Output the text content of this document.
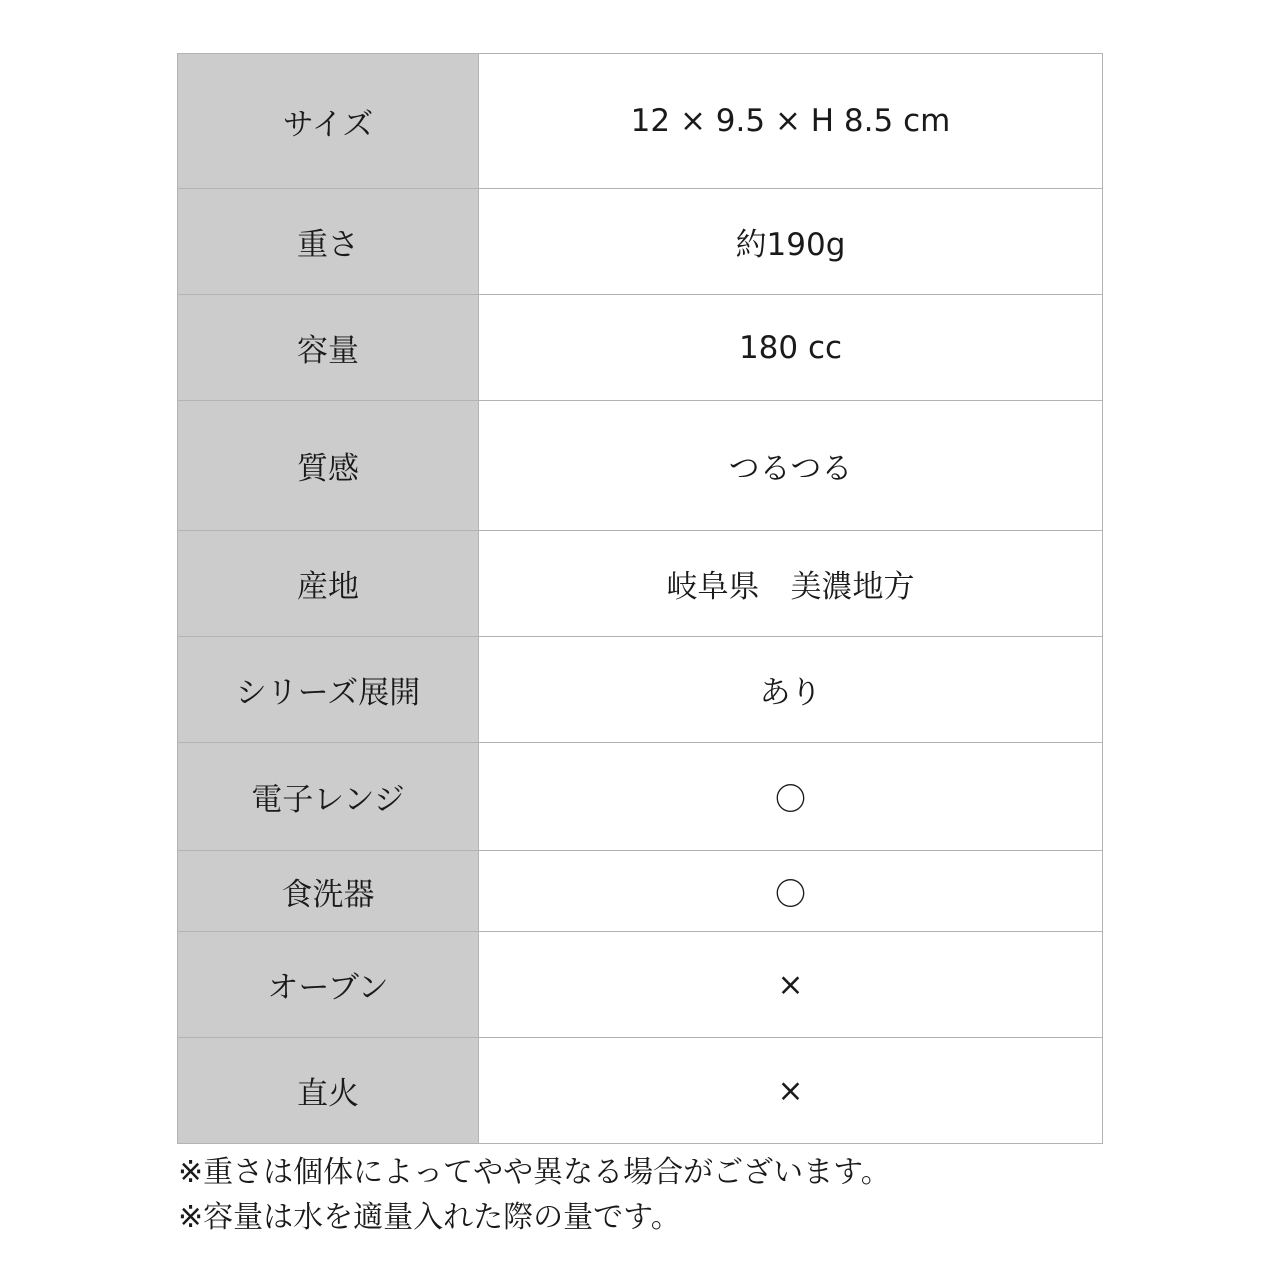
サイズ	12 × 9.5 × H 8.5 cm
重さ	約190g
容量	180 cc
質感	つるつる
産地	岐阜県　美濃地方
シリーズ展開	あり
電子レンジ	〇
食洗器	〇
オーブン	×
直火	×
※重さは個体によってやや異なる場合がございます。
※容量は水を適量入れた際の量です。
